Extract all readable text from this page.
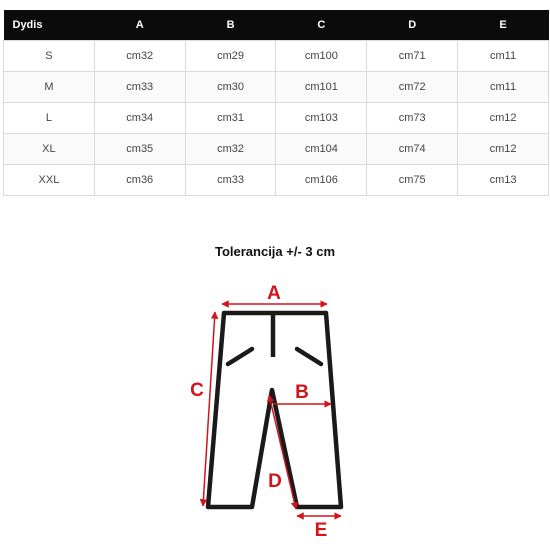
Dydis	A	B	C	D	E
S	cm32	cm29	cm100	cm71	cm11
M	cm33	cm30	cm101	cm72	cm11
L	cm34	cm31	cm103	cm73	cm12
XL	cm35	cm32	cm104	cm74	cm12
XXL	cm36	cm33	cm106	cm75	cm13
Tolerancija +/- 3 cm
A
B
C
D
E
